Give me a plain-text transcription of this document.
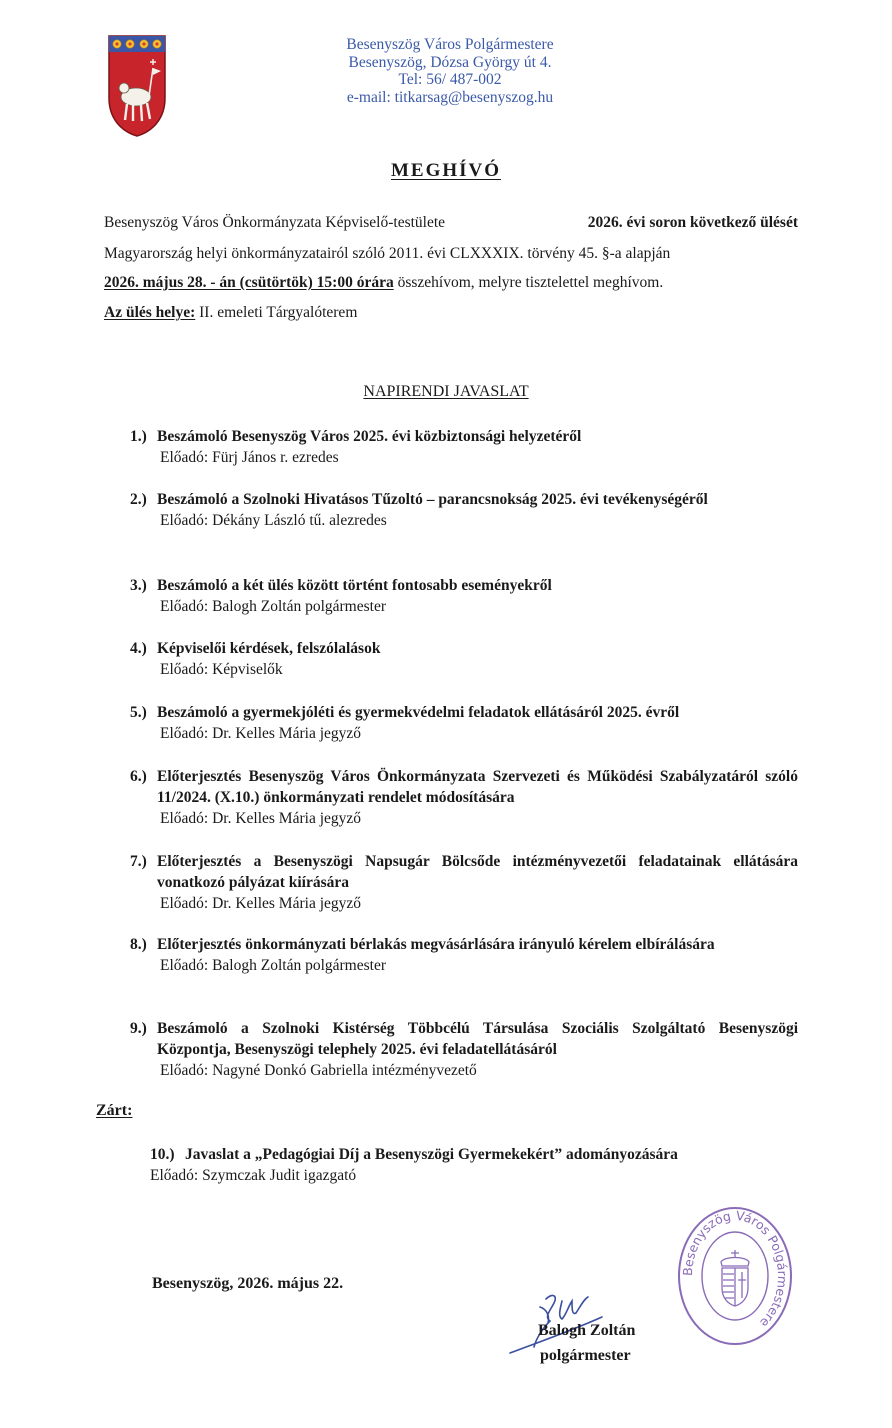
Besenyszög Város Polgármestere
Besenyszög, Dózsa György út 4.
Tel: 56/ 487-002
e-mail: titkarsag@besenyszog.hu
MEGHÍVÓ
Besenyszög Város Önkormányzata Képviselő-testülete	2026. évi soron következő ülését
Magyarország helyi önkormányzatairól szóló 2011. évi CLXXXIX. törvény 45. §-a alapján
2026. május 28. - án (csütörtök) 15:00 órára összehívom, melyre tisztelettel meghívom.
Az ülés helye: II. emeleti Tárgyalóterem
NAPIRENDI JAVASLAT
1.) Beszámoló Besenyszög Város 2025. évi közbiztonsági helyzetéről
Előadó: Fürj János r. ezredes
2.) Beszámoló a Szolnoki Hivatásos Tűzoltó – parancsnokság 2025. évi tevékenységéről
Előadó: Dékány László tű. alezredes
3.) Beszámoló a két ülés között történt fontosabb eseményekről
Előadó: Balogh Zoltán polgármester
4.) Képviselői kérdések, felszólalások
Előadó: Képviselők
5.) Beszámoló a gyermekjóléti és gyermekvédelmi feladatok ellátásáról 2025. évről
Előadó: Dr. Kelles Mária jegyző
6.) Előterjesztés Besenyszög Város Önkormányzata Szervezeti és Működési Szabályzatáról szóló 11/2024. (X.10.) önkormányzati rendelet módosítására
Előadó: Dr. Kelles Mária jegyző
7.) Előterjesztés a Besenyszögi Napsugár Bölcsőde intézményvezetői feladatainak ellátására vonatkozó pályázat kiírására
Előadó: Dr. Kelles Mária jegyző
8.) Előterjesztés önkormányzati bérlakás megvásárlására irányuló kérelem elbírálására
Előadó: Balogh Zoltán polgármester
9.) Beszámoló a Szolnoki Kistérség Többcélú Társulása Szociális Szolgáltató Besenyszögi Központja, Besenyszögi telephely 2025. évi feladatellátásáról
Előadó: Nagyné Donkó Gabriella intézményvezető
Zárt:
10.) Javaslat a „Pedagógiai Díj a Besenyszögi Gyermekekért” adományozására
Előadó: Szymczak Judit igazgató
Besenyszög, 2026. május 22.
Balogh Zoltán
polgármester
Besenyszög Város Polgármestere
